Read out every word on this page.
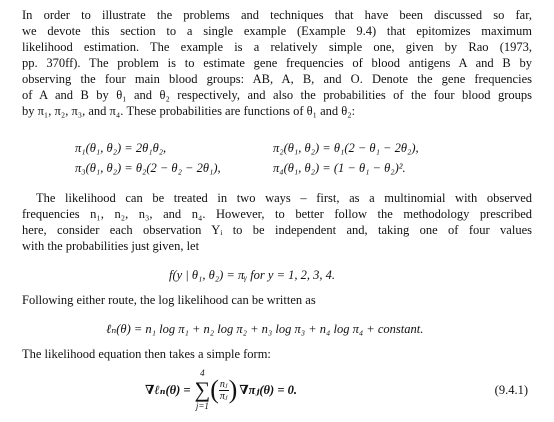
In order to illustrate the problems and techniques that have been discussed so far,
we devote this section to a single example (Example 9.4) that epitomizes maximum
likelihood estimation. The example is a relatively simple one, given by Rao (1973,
pp. 370ff). The problem is to estimate gene frequencies of blood antigens A and B by
observing the four main blood groups: AB, A, B, and O. Denote the gene frequencies
of A and B by θ₁ and θ₂ respectively, and also the probabilities of the four blood groups
by π₁, π₂, π₃, and π₄. These probabilities are functions of θ₁ and θ₂:
π₁(θ₁, θ₂) = 2θ₁θ₂,	π₂(θ₁, θ₂) = θ₁(2 − θ₁ − 2θ₂),
π₃(θ₁, θ₂) = θ₂(2 − θ₂ − 2θ₁),	π₄(θ₁, θ₂) = (1 − θ₁ − θ₂)².
The likelihood can be treated in two ways – first, as a multinomial with observed
frequencies n₁, n₂, n₃, and n₄. However, to better follow the methodology prescribed
here, consider each observation Yᵢ to be independent and, taking one of four values
with the probabilities just given, let
f(y | θ₁, θ₂) = πᵧ for y = 1, 2, 3, 4.
Following either route, the log likelihood can be written as
ℓₙ(θ) = n₁ log π₁ + n₂ log π₂ + n₃ log π₃ + n₄ log π₄ + constant.
The likelihood equation then takes a simple form:
∇ℓₙ(θ) =
4
∑
j=1
( $\frac{\text{nⱼ}}{\text{πⱼ}}$ ) ∇πⱼ(θ) = 0.	(9.4.1)
